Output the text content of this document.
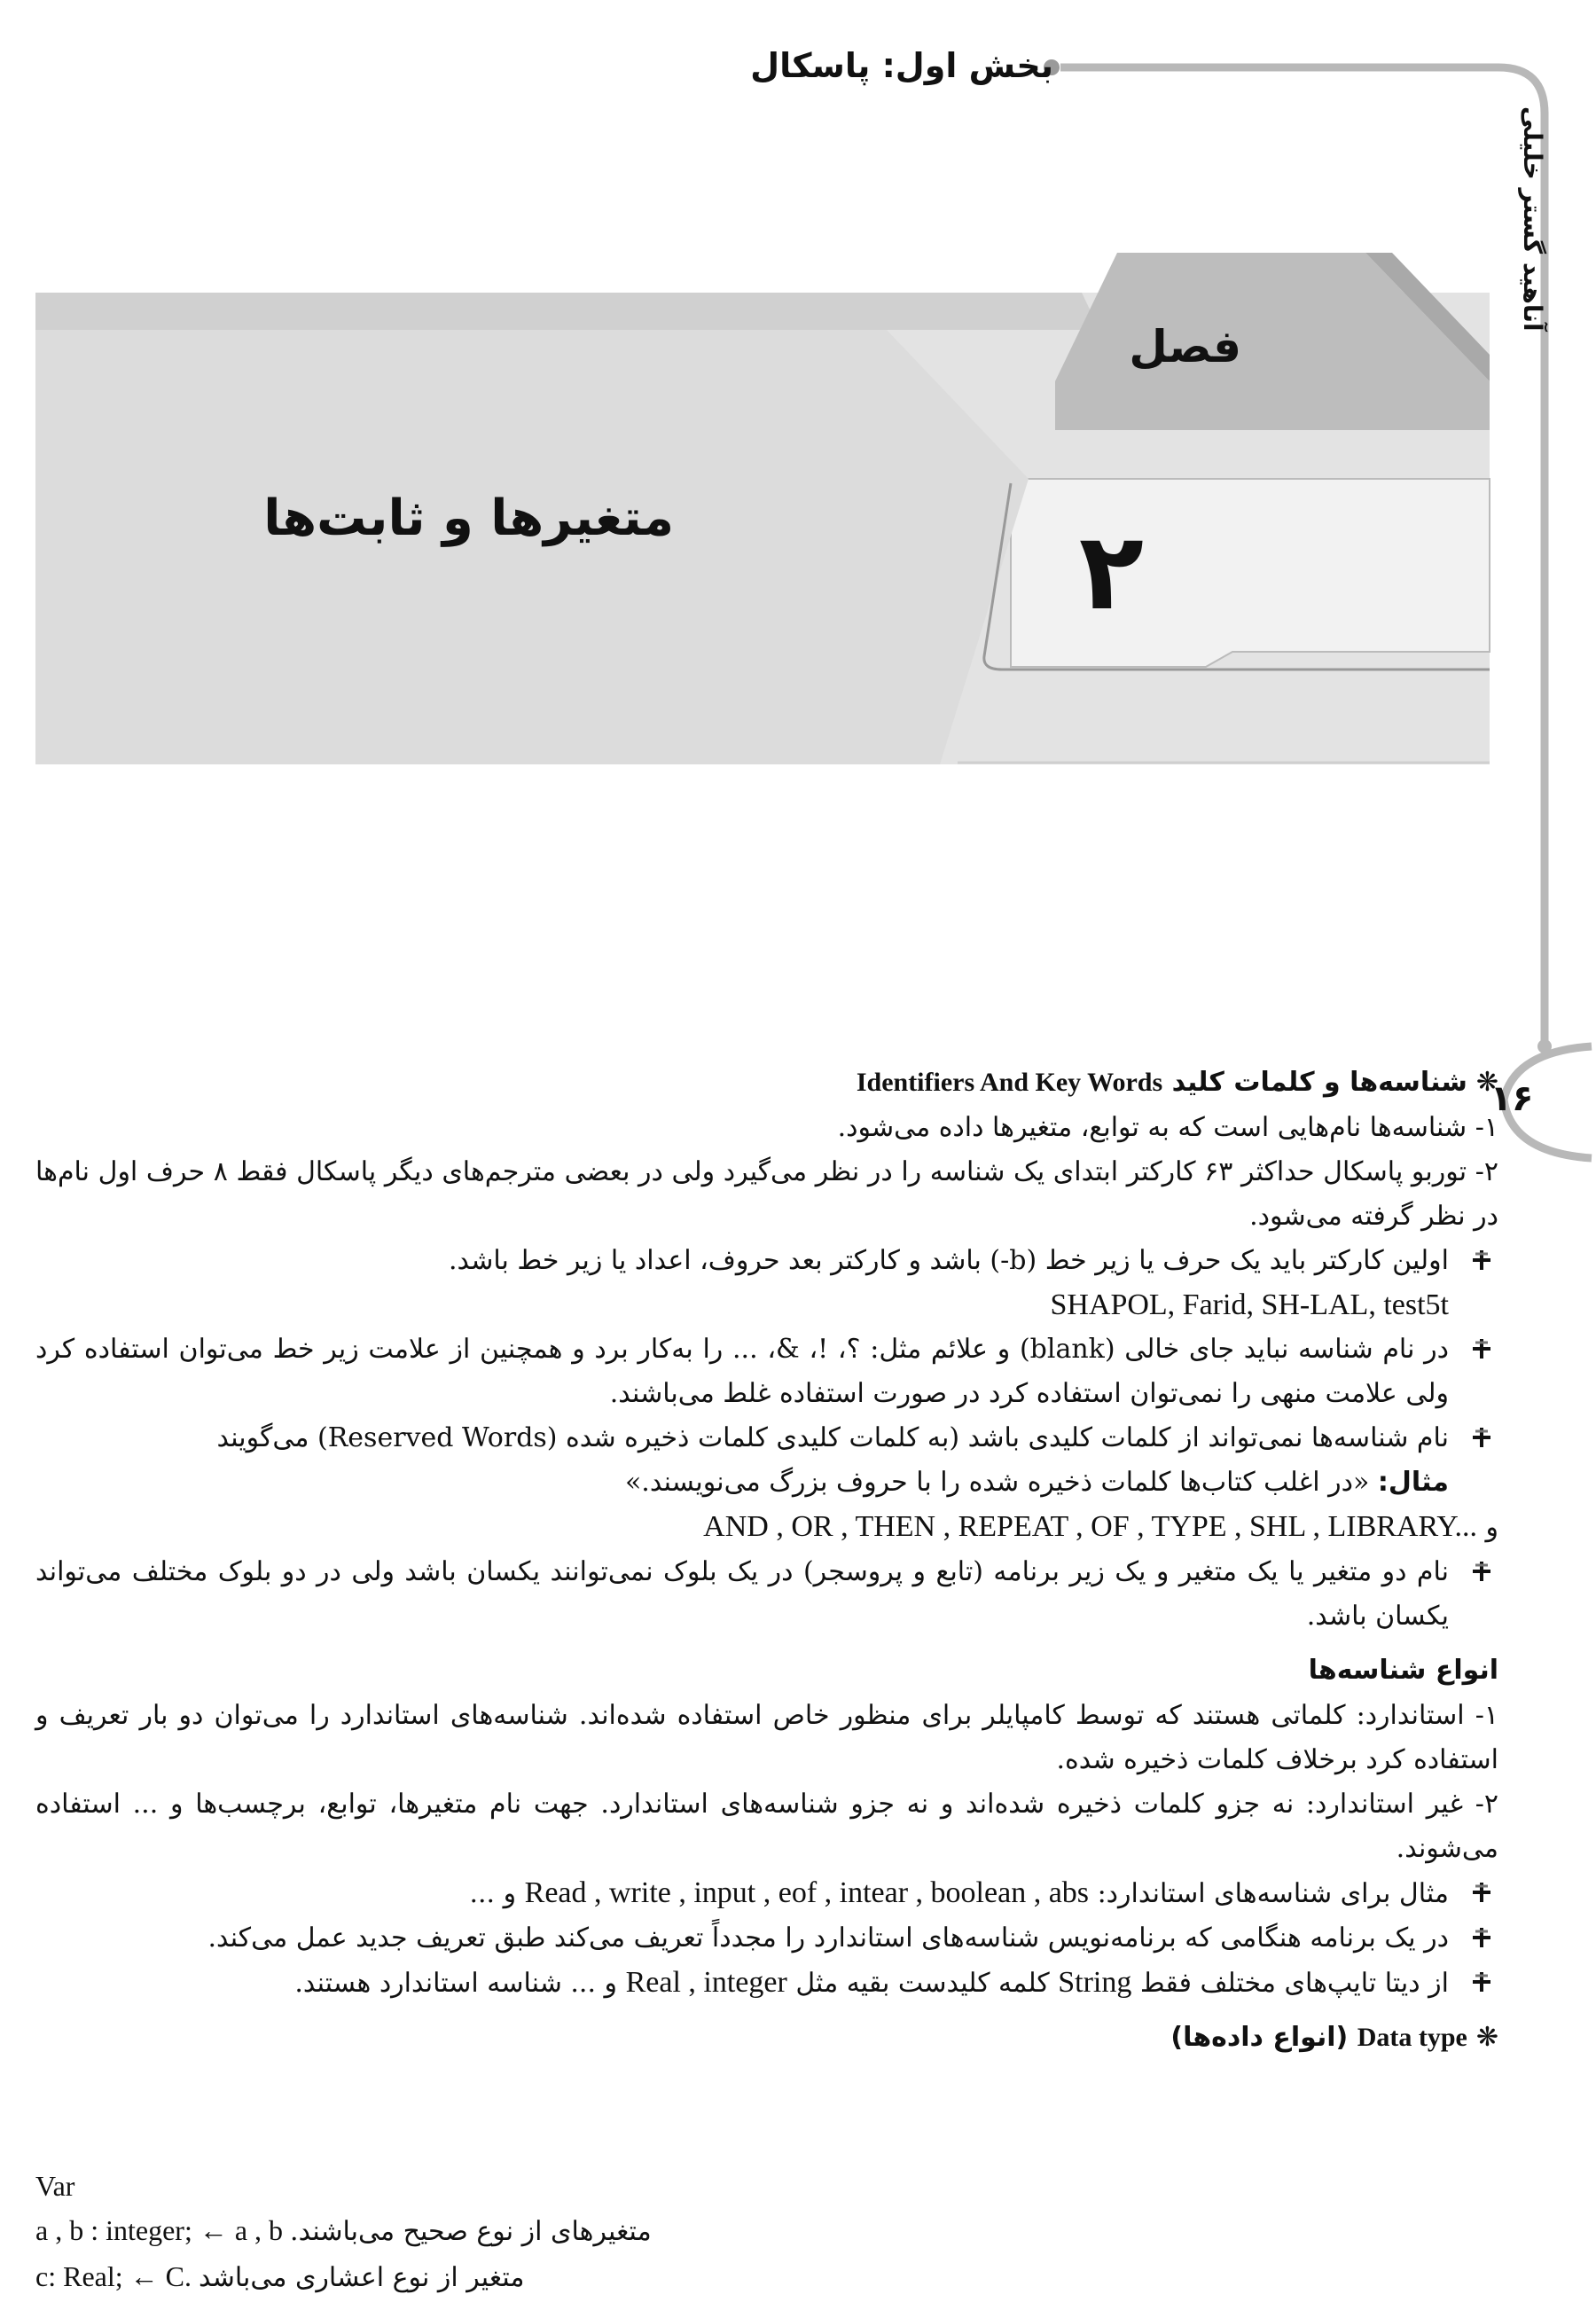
بخش اول: پاسکال
آناهید گستر خلیلی
۱۶
فصل
۲
متغیرها و ثابت‌ها

❋شناسه‌ها و کلمات کلید Identifiers And Key Words

۱- شناسه‌ها نام‌هایی است که به توابع، متغیرها داده می‌شود.

۲- توربو پاسکال حداکثر ۶۳ کارکتر ابتدای یک شناسه را در نظر می‌گیرد ولی در بعضی مترجم‌های دیگر پاسکال فقط ۸ حرف اول نام‌ها در نظر گرفته می‌شود.

اولین کارکتر باید یک حرف یا زیر خط (b-) باشد و کارکتر بعد حروف، اعداد یا زیر خط باشد.

SHAPOL, Farid, SH-LAL, test5t

در نام شناسه نباید جای خالی (blank) و علائم مثل: ؟، !، &، ... را به‌کار برد و همچنین از علامت زیر خط می‌توان استفاده کرد ولی علامت منهی را نمی‌توان استفاده کرد در صورت استفاده غلط می‌باشند.

نام شناسه‌ها نمی‌تواند از کلمات کلیدی باشد (به کلمات کلیدی کلمات ذخیره شده (Reserved Words) می‌گویند

مثال: «در اغلب کتاب‌ها کلمات ذخیره شده را با حروف بزرگ می‌نویسند.»

و AND , OR , THEN , REPEAT , OF , TYPE , SHL , LIBRARY...

نام دو متغیر یا یک متغیر و یک زیر برنامه (تابع و پروسجر) در یک بلوک نمی‌توانند یکسان باشد ولی در دو بلوک مختلف می‌تواند یکسان باشد.

انواع شناسه‌ها

۱- استاندارد: کلماتی هستند که توسط کامپایلر برای منظور خاص استفاده شده‌اند. شناسه‌های استاندارد را می‌توان دو بار تعریف و استفاده کرد برخلاف کلمات ذخیره شده.

۲- غیر استاندارد: نه جزو کلمات ذخیره شده‌اند و نه جزو شناسه‌های استاندارد. جهت نام متغیرها، توابع، برچسب‌ها و ... استفاده می‌شوند.

مثال برای شناسه‌های استاندارد: Read , write , input , eof , intear , boolean , abs و ...

در یک برنامه هنگامی که برنامه‌نویس شناسه‌های استاندارد را مجدداً تعریف می‌کند طبق تعریف جدید عمل می‌کند.

از دیتا تایپ‌های مختلف فقط String کلمه کلیدست بقیه مثل Real , integer و ... شناسه استاندارد هستند.

❋Data type (انواع داده‌ها)

Var
a , b : integer; ← a , b متغیرهای از نوع صحیح می‌باشند.
c: Real; ← C. متغیر از نوع اعشاری می‌باشد
